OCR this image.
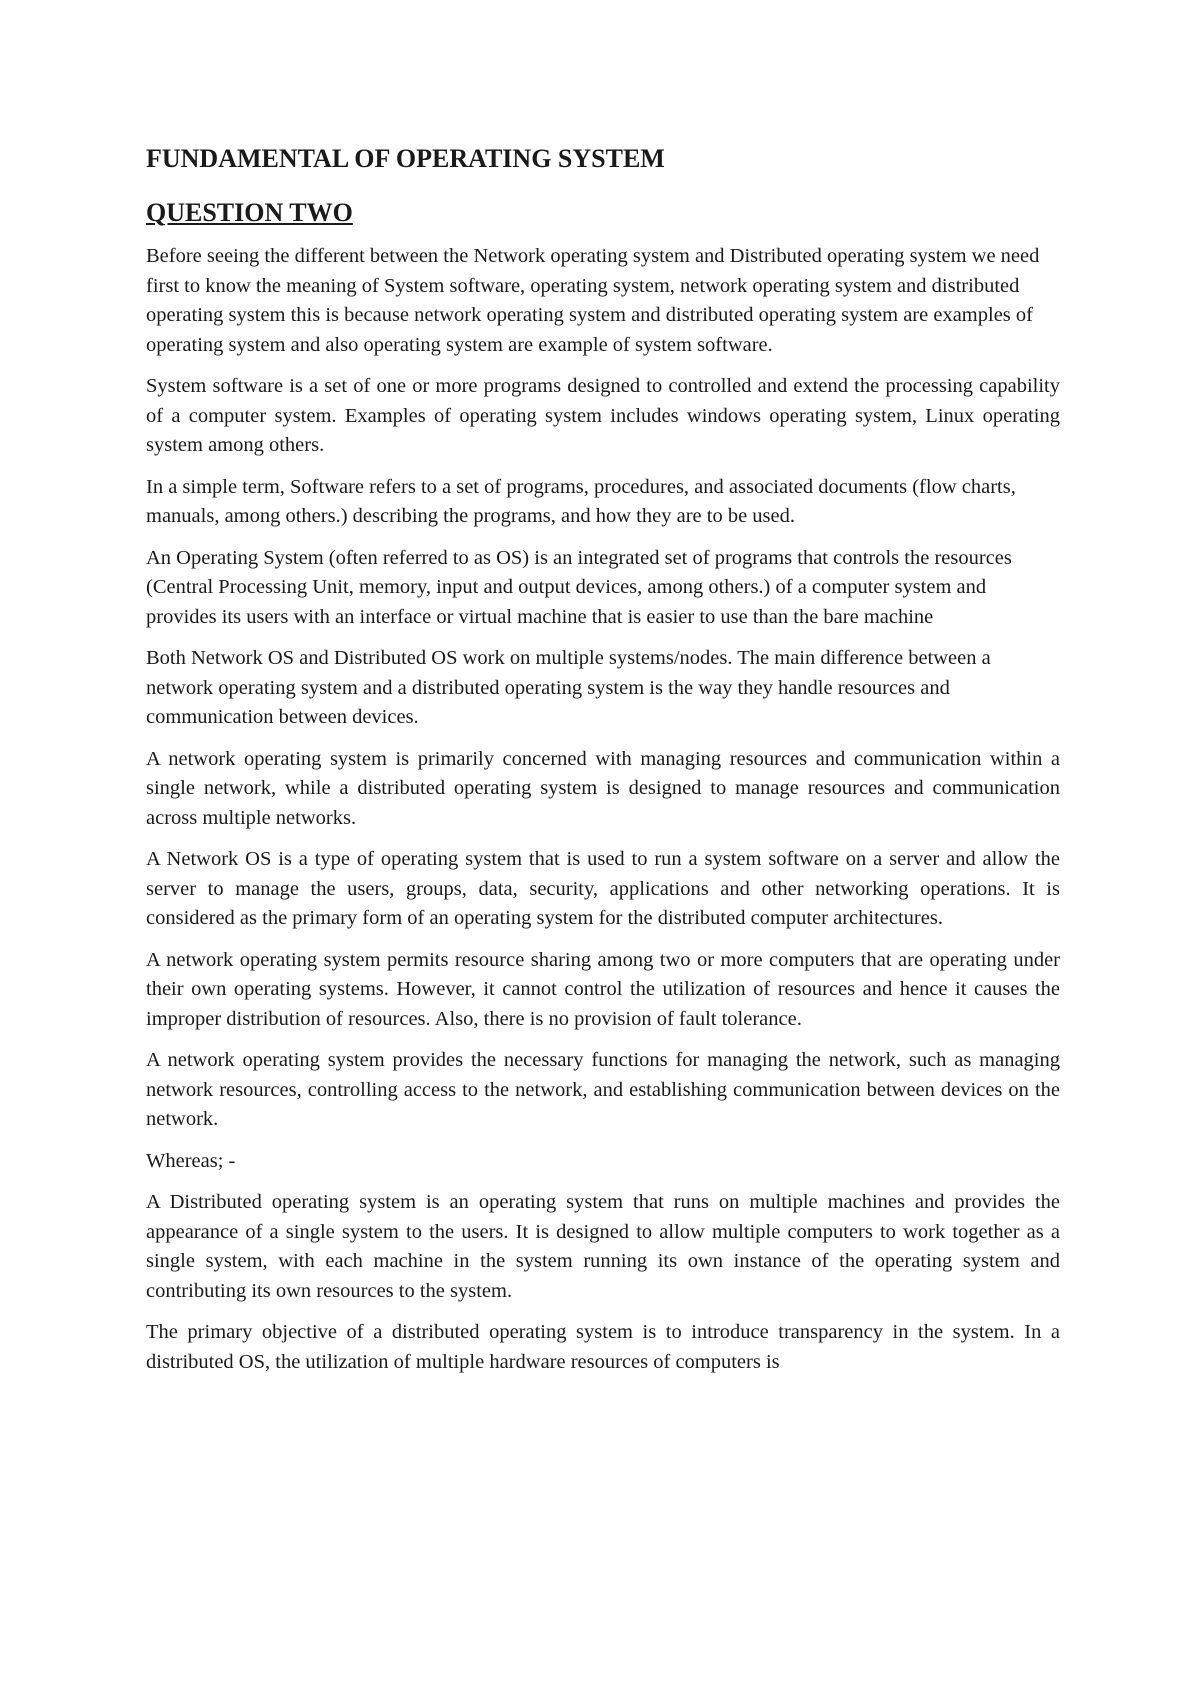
FUNDAMENTAL OF OPERATING SYSTEM
QUESTION TWO

Before seeing the different between the Network operating system and Distributed operating system we need first to know the meaning of System software, operating system, network operating system and distributed operating system this is because network operating system and distributed operating system are examples of operating system and also operating system are example of system software.

System software is a set of one or more programs designed to controlled and extend the processing capability of a computer system. Examples of operating system includes windows operating system, Linux operating system among others.

In a simple term, Software refers to a set of programs, procedures, and associated documents (flow charts, manuals, among others.) describing the programs, and how they are to be used.

An Operating System (often referred to as OS) is an integrated set of programs that controls the resources (Central Processing Unit, memory, input and output devices, among others.) of a computer system and provides its users with an interface or virtual machine that is easier to use than the bare machine

Both Network OS and Distributed OS work on multiple systems/nodes. The main difference between a network operating system and a distributed operating system is the way they handle resources and communication between devices.

A network operating system is primarily concerned with managing resources and communication within a single network, while a distributed operating system is designed to manage resources and communication across multiple networks.

A Network OS is a type of operating system that is used to run a system software on a server and allow the server to manage the users, groups, data, security, applications and other networking operations. It is considered as the primary form of an operating system for the distributed computer architectures.

A network operating system permits resource sharing among two or more computers that are operating under their own operating systems. However, it cannot control the utilization of resources and hence it causes the improper distribution of resources. Also, there is no provision of fault tolerance.

A network operating system provides the necessary functions for managing the network, such as managing network resources, controlling access to the network, and establishing communication between devices on the network.

Whereas; -

A Distributed operating system is an operating system that runs on multiple machines and provides the appearance of a single system to the users. It is designed to allow multiple computers to work together as a single system, with each machine in the system running its own instance of the operating system and contributing its own resources to the system.

The primary objective of a distributed operating system is to introduce transparency in the system. In a distributed OS, the utilization of multiple hardware resources of computers is
